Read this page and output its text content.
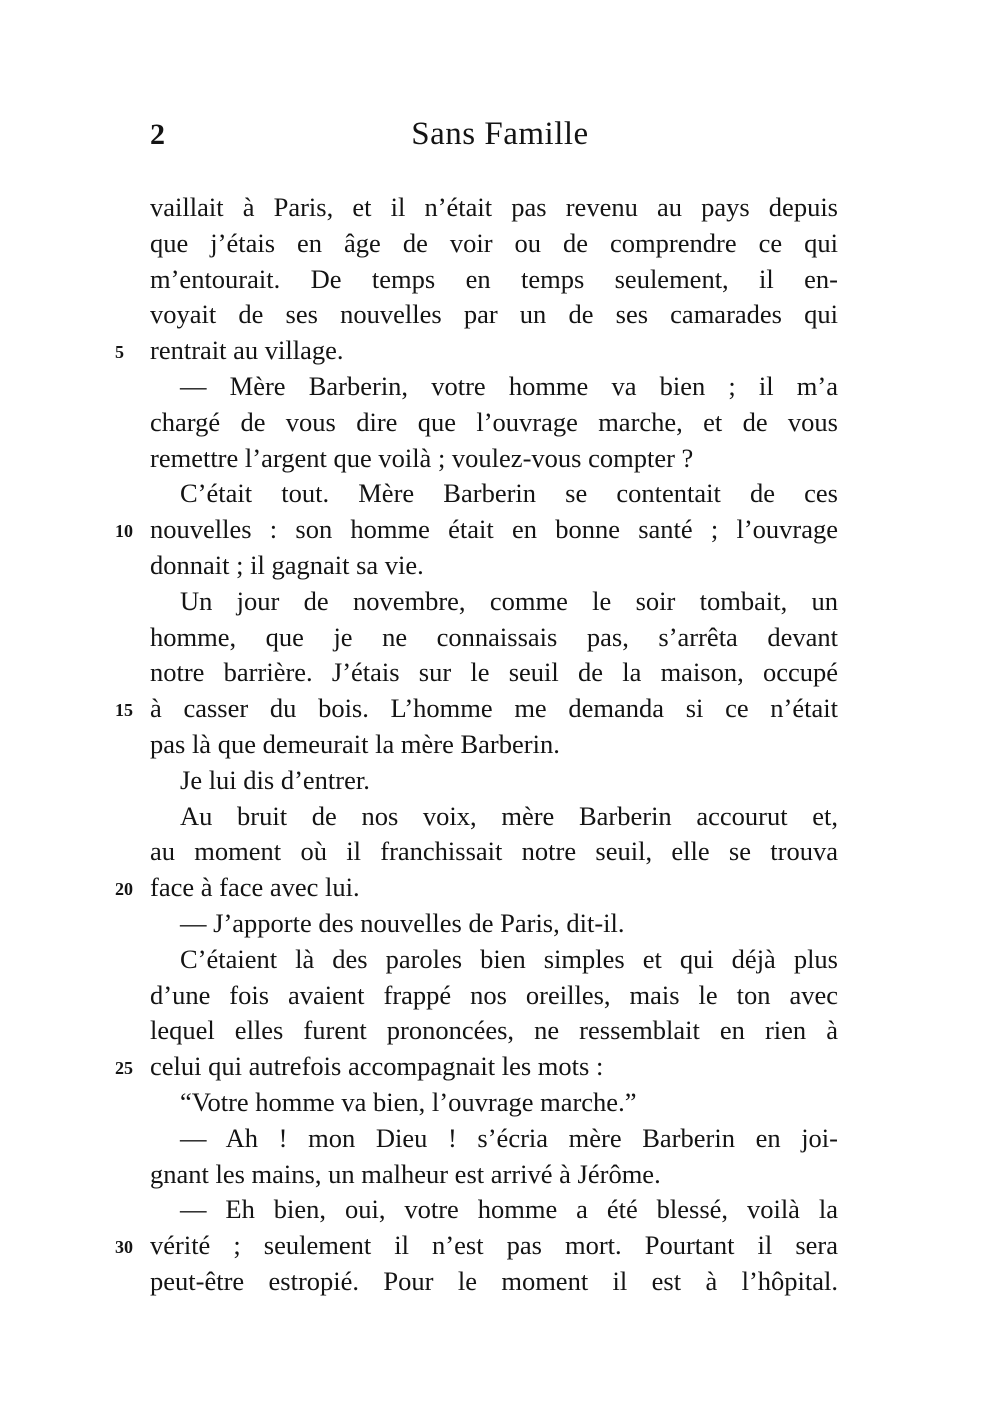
2	Sans Famille
vaillait à Paris, et il n’était pas revenu au pays depuis
que j’étais en âge de voir ou de comprendre ce qui
m’entourait. De temps en temps seulement, il en-
voyait de ses nouvelles par un de ses camarades qui
5 rentrait au village.
— Mère Barberin, votre homme va bien ; il m’a
chargé de vous dire que l’ouvrage marche, et de vous
remettre l’argent que voilà ; voulez-vous compter ?
C’était tout. Mère Barberin se contentait de ces
10 nouvelles : son homme était en bonne santé ; l’ouvrage
donnait ; il gagnait sa vie.
Un jour de novembre, comme le soir tombait, un
homme, que je ne connaissais pas, s’arrêta devant
notre barrière. J’étais sur le seuil de la maison, occupé
15 à casser du bois. L’homme me demanda si ce n’était
pas là que demeurait la mère Barberin.
Je lui dis d’entrer.
Au bruit de nos voix, mère Barberin accourut et,
au moment où il franchissait notre seuil, elle se trouva
20 face à face avec lui.
— J’apporte des nouvelles de Paris, dit-il.
C’étaient là des paroles bien simples et qui déjà plus
d’une fois avaient frappé nos oreilles, mais le ton avec
lequel elles furent prononcées, ne ressemblait en rien à
25 celui qui autrefois accompagnait les mots :
“Votre homme va bien, l’ouvrage marche.”
— Ah ! mon Dieu ! s’écria mère Barberin en joi-
gnant les mains, un malheur est arrivé à Jérôme.
— Eh bien, oui, votre homme a été blessé, voilà la
30 vérité ; seulement il n’est pas mort. Pourtant il sera
peut-être estropié. Pour le moment il est à l’hôpital.
